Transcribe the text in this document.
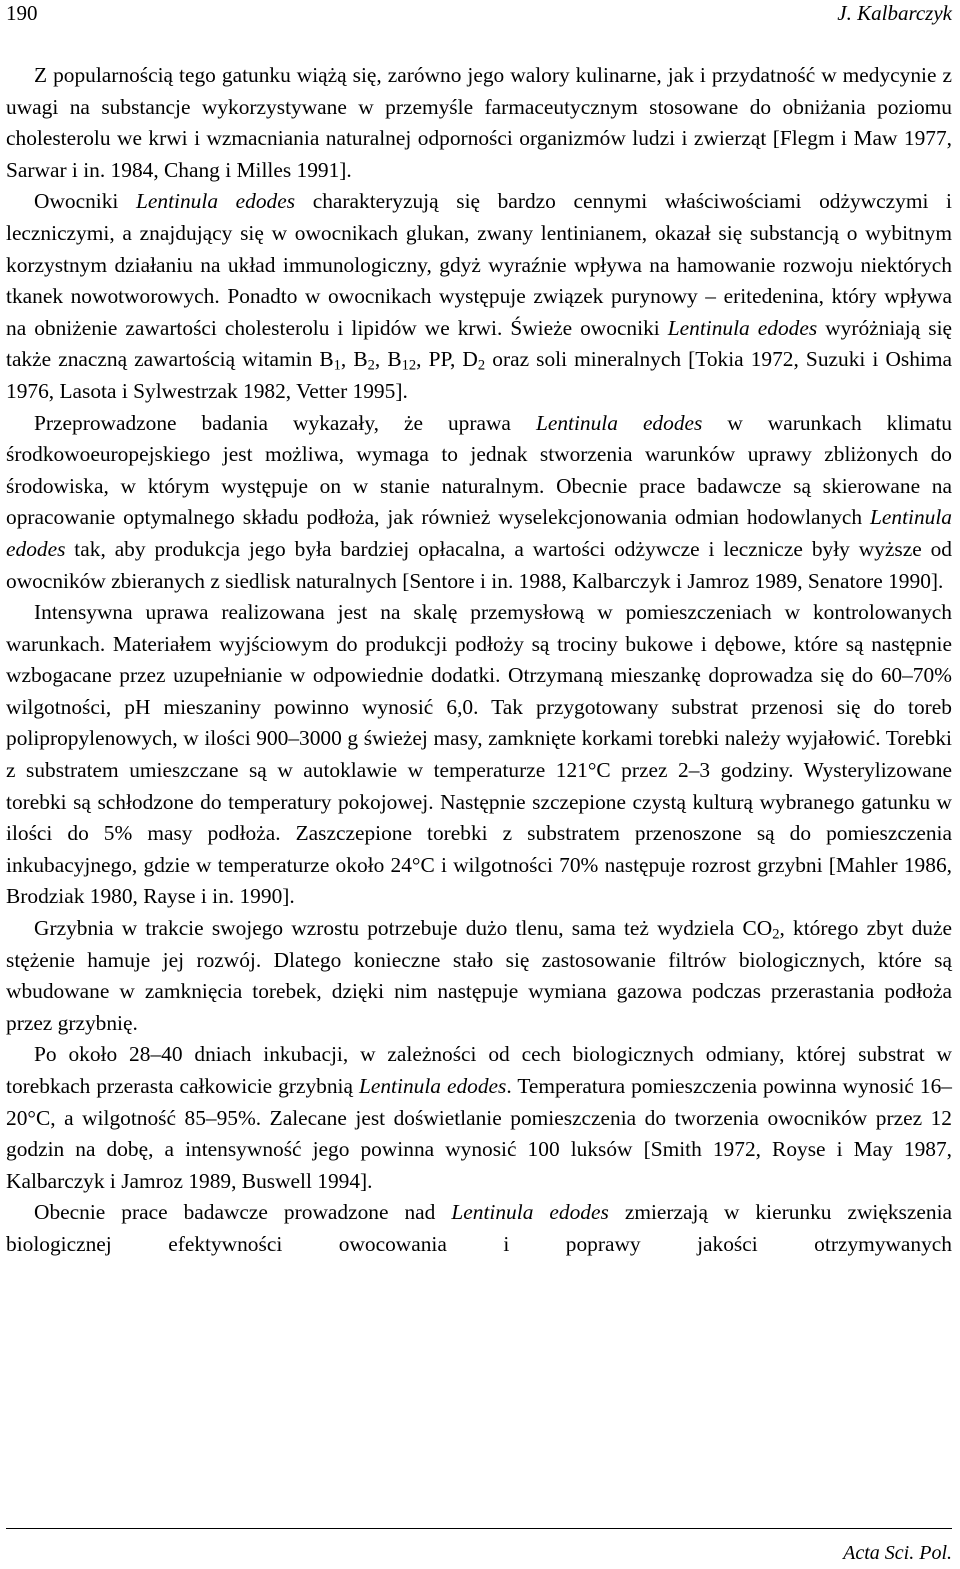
190	J. Kalbarczyk

Z popularnością tego gatunku wiążą się, zarówno jego walory kulinarne, jak i przydatność w medycynie z uwagi na substancje wykorzystywane w przemyśle farmaceutycznym stosowane do obniżania poziomu cholesterolu we krwi i wzmacniania naturalnej odporności organizmów ludzi i zwierząt [Flegm i Maw 1977, Sarwar i in. 1984, Chang i Milles 1991].

Owocniki Lentinula edodes charakteryzują się bardzo cennymi właściwościami odżywczymi i leczniczymi, a znajdujący się w owocnikach glukan, zwany lentinianem, okazał się substancją o wybitnym korzystnym działaniu na układ immunologiczny, gdyż wyraźnie wpływa na hamowanie rozwoju niektórych tkanek nowotworowych. Ponadto w owocnikach występuje związek purynowy – eritedenina, który wpływa na obniżenie zawartości cholesterolu i lipidów we krwi. Świeże owocniki Lentinula edodes wyróżniają się także znaczną zawartością witamin $B_1$, $B_2$, $B_{12}$, PP, $D_2$ oraz soli mineralnych [Tokia 1972, Suzuki i Oshima 1976, Lasota i Sylwestrzak 1982, Vetter 1995].

Przeprowadzone badania wykazały, że uprawa Lentinula edodes w warunkach klimatu środkowoeuropejskiego jest możliwa, wymaga to jednak stworzenia warunków uprawy zbliżonych do środowiska, w którym występuje on w stanie naturalnym. Obecnie prace badawcze są skierowane na opracowanie optymalnego składu podłoża, jak również wyselekcjonowania odmian hodowlanych Lentinula edodes tak, aby produkcja jego była bardziej opłacalna, a wartości odżywcze i lecznicze były wyższe od owocników zbieranych z siedlisk naturalnych [Sentore i in. 1988, Kalbarczyk i Jamroz 1989, Senatore 1990].

Intensywna uprawa realizowana jest na skalę przemysłową w pomieszczeniach w kontrolowanych warunkach. Materiałem wyjściowym do produkcji podłoży są trociny bukowe i dębowe, które są następnie wzbogacane przez uzupełnianie w odpowiednie dodatki. Otrzymaną mieszankę doprowadza się do 60–70% wilgotności, pH mieszaniny powinno wynosić 6,0. Tak przygotowany substrat przenosi się do toreb polipropylenowych, w ilości 900–3000 g świeżej masy, zamknięte korkami torebki należy wyjałowić. Torebki z substratem umieszczane są w autoklawie w temperaturze 121°C przez 2–3 godziny. Wysterylizowane torebki są schłodzone do temperatury pokojowej. Następnie szczepione czystą kulturą wybranego gatunku w ilości do 5% masy podłoża. Zaszczepione torebki z substratem przenoszone są do pomieszczenia inkubacyjnego, gdzie w temperaturze około 24°C i wilgotności 70% następuje rozrost grzybni [Mahler 1986, Brodziak 1980, Rayse i in. 1990].

Grzybnia w trakcie swojego wzrostu potrzebuje dużo tlenu, sama też wydziela $CO_2$, którego zbyt duże stężenie hamuje jej rozwój. Dlatego konieczne stało się zastosowanie filtrów biologicznych, które są wbudowane w zamknięcia torebek, dzięki nim następuje wymiana gazowa podczas przerastania podłoża przez grzybnię.

Po około 28–40 dniach inkubacji, w zależności od cech biologicznych odmiany, której substrat w torebkach przerasta całkowicie grzybnią Lentinula edodes. Temperatura pomieszczenia powinna wynosić 16–20°C, a wilgotność 85–95%. Zalecane jest doświetlanie pomieszczenia do tworzenia owocników przez 12 godzin na dobę, a intensywność jego powinna wynosić 100 luksów [Smith 1972, Royse i May 1987, Kalbarczyk i Jamroz 1989, Buswell 1994].

Obecnie prace badawcze prowadzone nad Lentinula edodes zmierzają w kierunku zwiększenia biologicznej efektywności owocowania i poprawy jakości otrzymywanych

Acta Sci. Pol.
